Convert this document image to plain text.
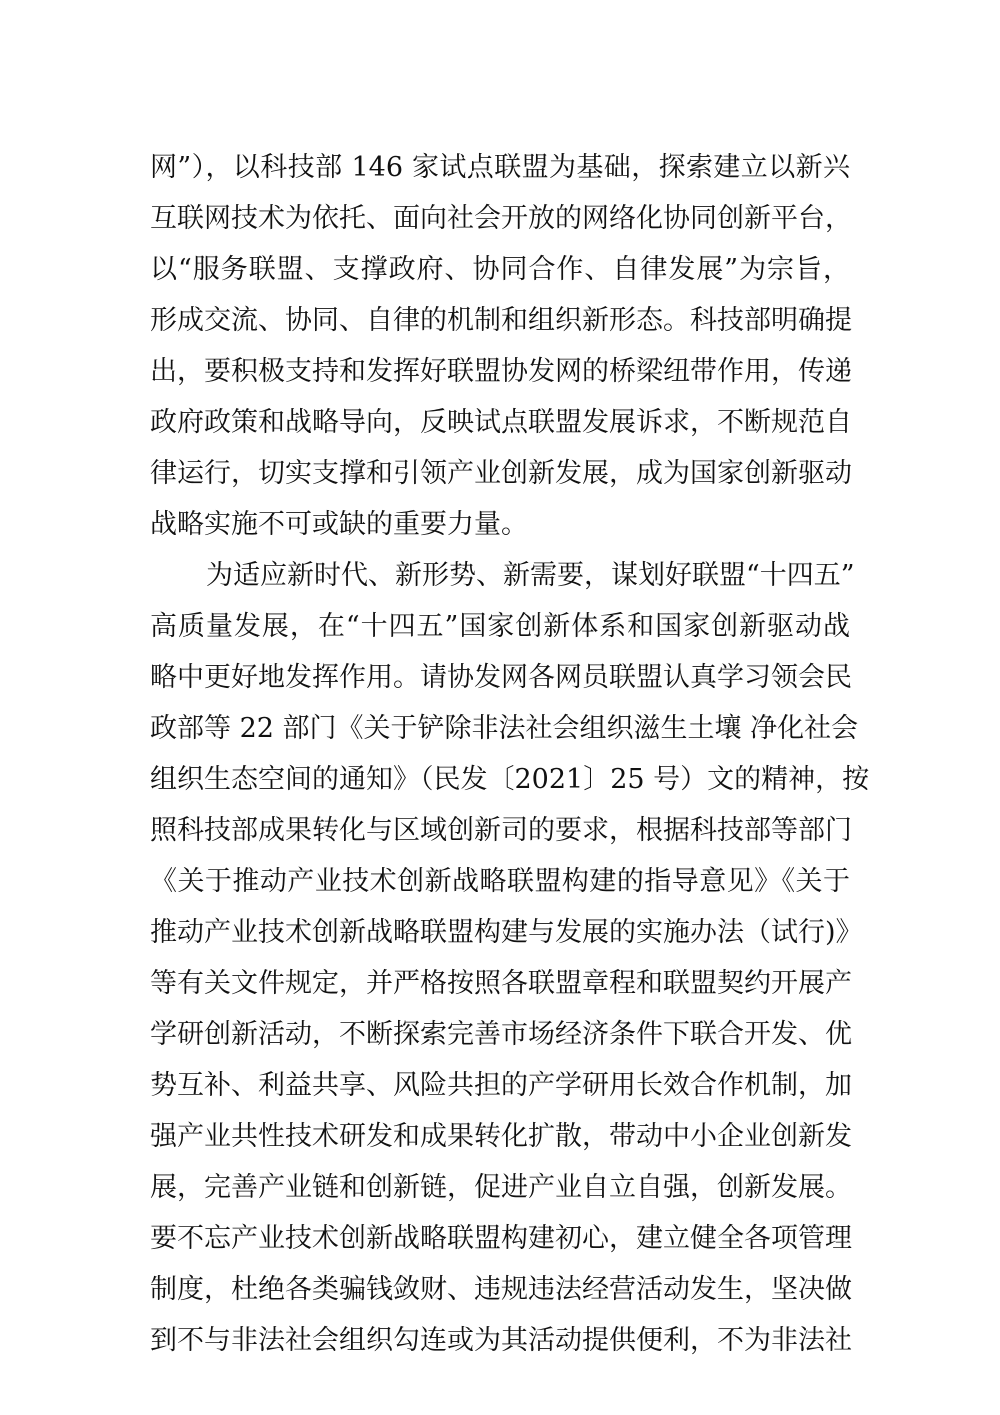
网”），以科技部 146 家试点联盟为基础，探索建立以新兴
互联网技术为依托、面向社会开放的网络化协同创新平台，
以“服务联盟、支撑政府、协同合作、自律发展”为宗旨，
形成交流、协同、自律的机制和组织新形态。科技部明确提
出，要积极支持和发挥好联盟协发网的桥梁纽带作用，传递
政府政策和战略导向，反映试点联盟发展诉求，不断规范自
律运行，切实支撑和引领产业创新发展，成为国家创新驱动
战略实施不可或缺的重要力量。
为适应新时代、新形势、新需要，谋划好联盟“十四五”
高质量发展，在“十四五”国家创新体系和国家创新驱动战
略中更好地发挥作用。请协发网各网员联盟认真学习领会民
政部等 22 部门《关于铲除非法社会组织滋生土壤 净化社会
组织生态空间的通知》（民发〔2021〕25 号）文的精神，按
照科技部成果转化与区域创新司的要求，根据科技部等部门
《关于推动产业技术创新战略联盟构建的指导意见》《关于
推动产业技术创新战略联盟构建与发展的实施办法（试行)》
等有关文件规定，并严格按照各联盟章程和联盟契约开展产
学研创新活动，不断探索完善市场经济条件下联合开发、优
势互补、利益共享、风险共担的产学研用长效合作机制，加
强产业共性技术研发和成果转化扩散，带动中小企业创新发
展，完善产业链和创新链，促进产业自立自强，创新发展。
要不忘产业技术创新战略联盟构建初心，建立健全各项管理
制度，杜绝各类骗钱敛财、违规违法经营活动发生，坚决做
到不与非法社会组织勾连或为其活动提供便利，不为非法社
